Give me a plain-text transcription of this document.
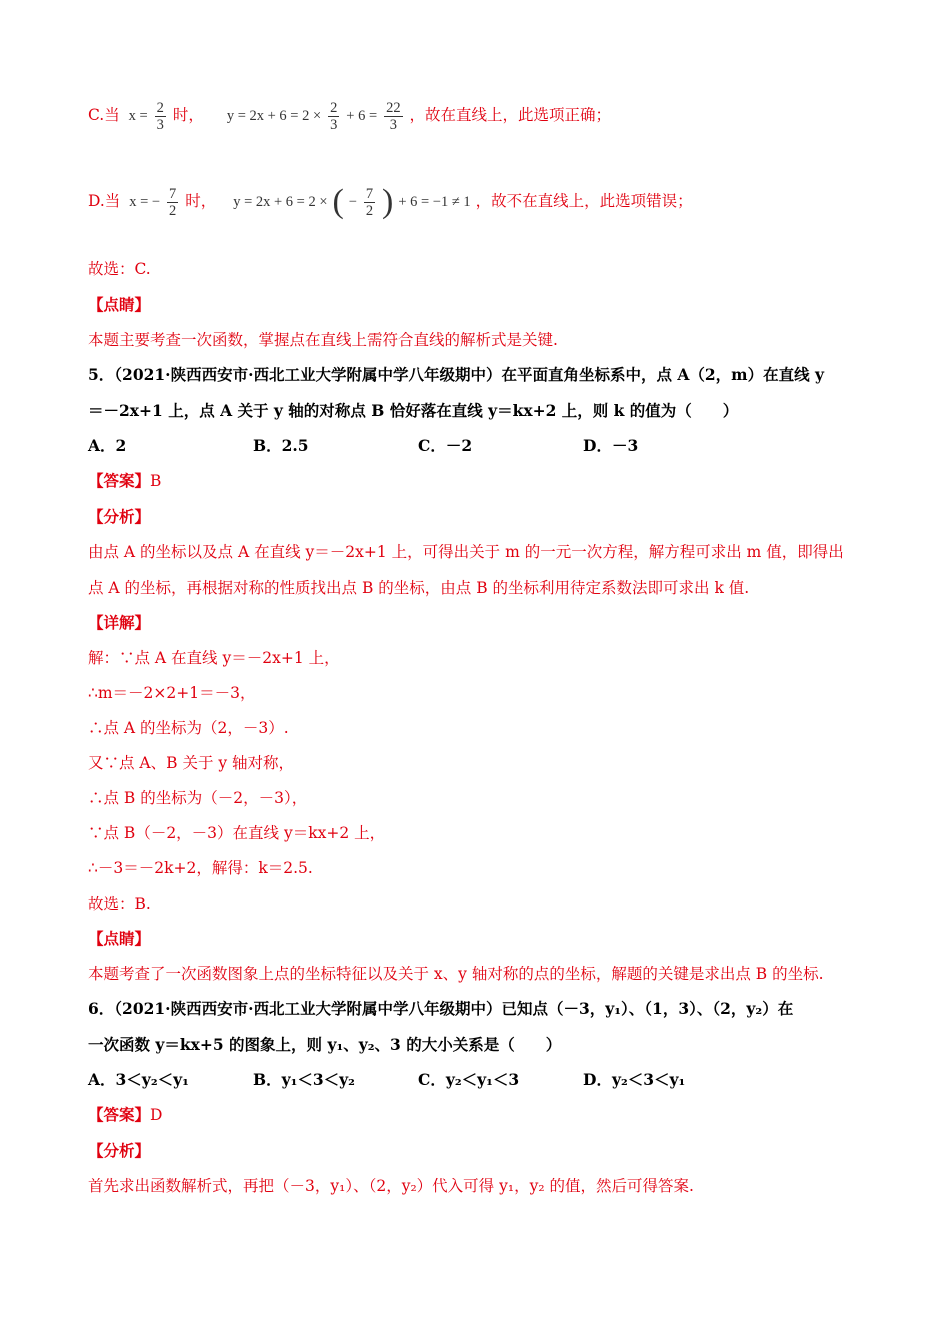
C.当 $x = \frac{2}{3}$ 时， $y = 2x + 6 = 2 \times \frac{2}{3} + 6 = \frac{22}{3}$ ，故在直线上，此选项正确；
D.当 x = − $\frac{7}{2}$ 时， y = 2x + 6 = 2 × ( − $\frac{7}{2}$ ) + 6 = −1 ≠ 1 ，故不在直线上，此选项错误；
故选：C.
【点睛】
本题主要考查一次函数，掌握点在直线上需符合直线的解析式是关键.
5．（2021·陕西西安市·西北工业大学附属中学八年级期中）在平面直角坐标系中，点 A（2，m）在直线 y
＝－2x+1 上，点 A 关于 y 轴的对称点 B 恰好落在直线 y＝kx+2 上，则 k 的值为（　　）
A．2	B．2.5	C．－2	D．－3
【答案】B
【分析】
由点 A 的坐标以及点 A 在直线 y＝－2x+1 上，可得出关于 m 的一元一次方程，解方程可求出 m 值，即得出
点 A 的坐标，再根据对称的性质找出点 B 的坐标，由点 B 的坐标利用待定系数法即可求出 k 值.
【详解】
解：∵点 A 在直线 y＝－2x+1 上，
∴m＝－2×2+1＝－3，
∴点 A 的坐标为（2，－3）.
又∵点 A、B 关于 y 轴对称，
∴点 B 的坐标为（－2，－3），
∵点 B（－2，－3）在直线 y＝kx+2 上，
∴－3＝－2k+2，解得：k＝2.5.
故选：B.
【点睛】
本题考查了一次函数图象上点的坐标特征以及关于 x、y 轴对称的点的坐标，解题的关键是求出点 B 的坐标.
6．（2021·陕西西安市·西北工业大学附属中学八年级期中）已知点（－3，y₁）、（1，3）、（2，y₂）在
一次函数 y＝kx+5 的图象上，则 y₁、y₂、3 的大小关系是（　　）
A．3＜y₂＜y₁	B．y₁＜3＜y₂	C．y₂＜y₁＜3	D．y₂＜3＜y₁
【答案】D
【分析】
首先求出函数解析式，再把（－3，y₁）、（2，y₂）代入可得 y₁，y₂ 的值，然后可得答案.
